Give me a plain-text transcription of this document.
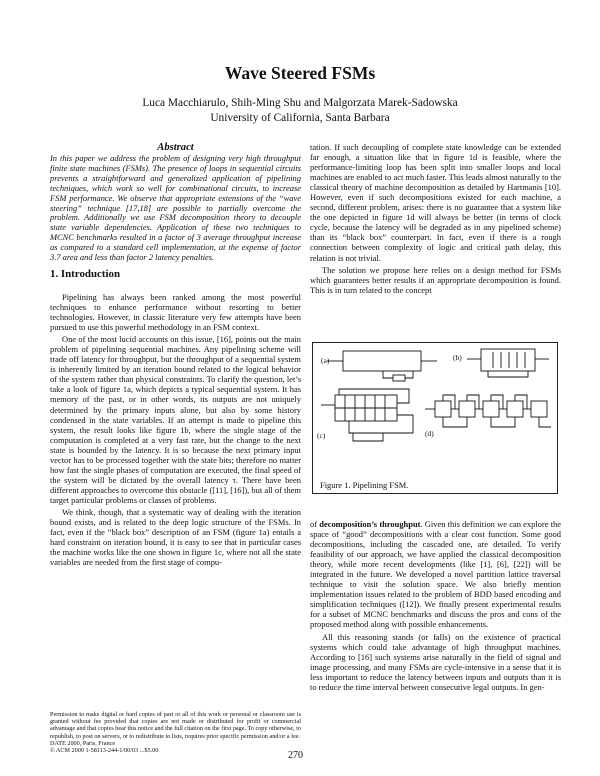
Wave Steered FSMs
Luca Macchiarulo, Shih-Ming Shu and Malgorzata Marek-Sadowska
University of California, Santa Barbara
Abstract
In this paper we address the problem of designing very high throughput finite state machines (FSMs). The presence of loops in sequential circuits prevents a straightforward and generalized application of pipelining techniques, which work so well for combinational circuits, to increase FSM performance. We observe that appropriate extensions of the “wave steering” technique [17,18] are possible to partially overcome the problem. Additionally we use FSM decomposition theory to decouple state variable dependencies. Application of these two techniques to MCNC benchmarks resulted in a factor of 3 average throughput increase as compared to a standard cell implementation, at the expense of factor 3.7 area and less than factor 2 latency penalties.
1. Introduction

Pipelining has always been ranked among the most powerful techniques to enhance performance without resorting to better technologies. However, in classic literature very few attempts have been pursued to use this powerful methodology in an FSM context.

One of the most lucid accounts on this issue, [16], points out the main problem of pipelining sequential machines. Any pipelining scheme will trade off latency for throughput, but the throughput of a sequential system is inherently limited by an iteration bound related to the logical behavior of the system rather than physical constraints. To clarify the question, let’s take a look of figure 1a, which depicts a typical sequential system. It has memory of the past, or in other words, its outputs are not uniquely determined by the primary inputs alone, but also by some history condensed in the state variables. If an attempt is made to pipeline this system, the result looks like figure 1b, where the single stage of the computation is completed at a very fast rate, but the change to the next state is bounded by the latency. It is so because the next primary input vector has to be processed together with the state bits; therefore no matter how fast the single phases of computation are executed, the final speed of the system will be dictated by the overall latency τ. There have been different approaches to overcome this obstacle ([11], [16]), but all of them target particular problems or classes of problems.

We think, though, that a systematic way of dealing with the iteration bound exists, and is related to the deep logic structure of the FSMs. In fact, even if the “black box” description of an FSM (figure 1a) entails a hard constraint on iteration bound, it is easy to see that in particular cases the machine works like the one shown in figure 1c, where not all the state variables are needed from the first stage of compu-

tation. If such decoupling of complete state knowledge can be extended far enough, a situation like that in figure 1d is feasible, where the performance-limiting loop has been split into smaller loops and local machines are enabled to act much faster. This leads almost naturally to the classical theory of machine decomposition as detailed by Hartmanis [10]. However, even if such decompositions existed for each machine, a second, different problem, arises: there is no guarantee that a system like the one depicted in figure 1d will always be better (in terms of clock cycle, because the latency will be degraded as in any pipelined scheme) than its “black box” counterpart. In fact, even if there is a rough connection between complexity of logic and critical path delay, this relation is not trivial.

The solution we propose here relies on a design method for FSMs which guarantees better results if an appropriate decomposition is found. This is in turn related to the concept

(a)	(b)
(c)	(d)
Figure 1. Pipelining FSM.

of decomposition’s throughput. Given this definition we can explore the space of “good” decompositions with a clear cost function. Some good decompositions, including the cascaded one, are detailed. To verify feasibility of our approach, we have applied the classical decomposition theory, while more recent developments (like [1], [6], [22]) will be integrated in the future. We developed a novel partition lattice traversal technique to visit the solution space. We also briefly mention implementation issues related to the problem of BDD based encoding and simplification techniques ([12]). We finally present experimental results for a subset of MCNC benchmarks and discuss the pros and cons of the proposed method along with possible enhancements.

All this reasoning stands (or falls) on the existence of practical systems which could take advantage of high throughput machines. According to [16] such systems arise naturally in the field of signal and image processing, and many FSMs are cycle-intensive in a sense that it is less important to reduce the latency between inputs and outputs than it is to reduce the time interval between consecutive legal outputs. In gen-

Permission to make digital or hard copies of part or all of this work or personal or classroom use is granted without fee provided that copies are not made or distributed for profit or commercial advantage and that copies bear this notice and the full citation on the first page. To copy otherwise, to republish, to post on servers, or to redistribute to lists, requires prior specific permission and/or a fee.
DATE 2000, Paris, France
© ACM 2000 1-58113-244-1/00/03 ...$5.00	270
